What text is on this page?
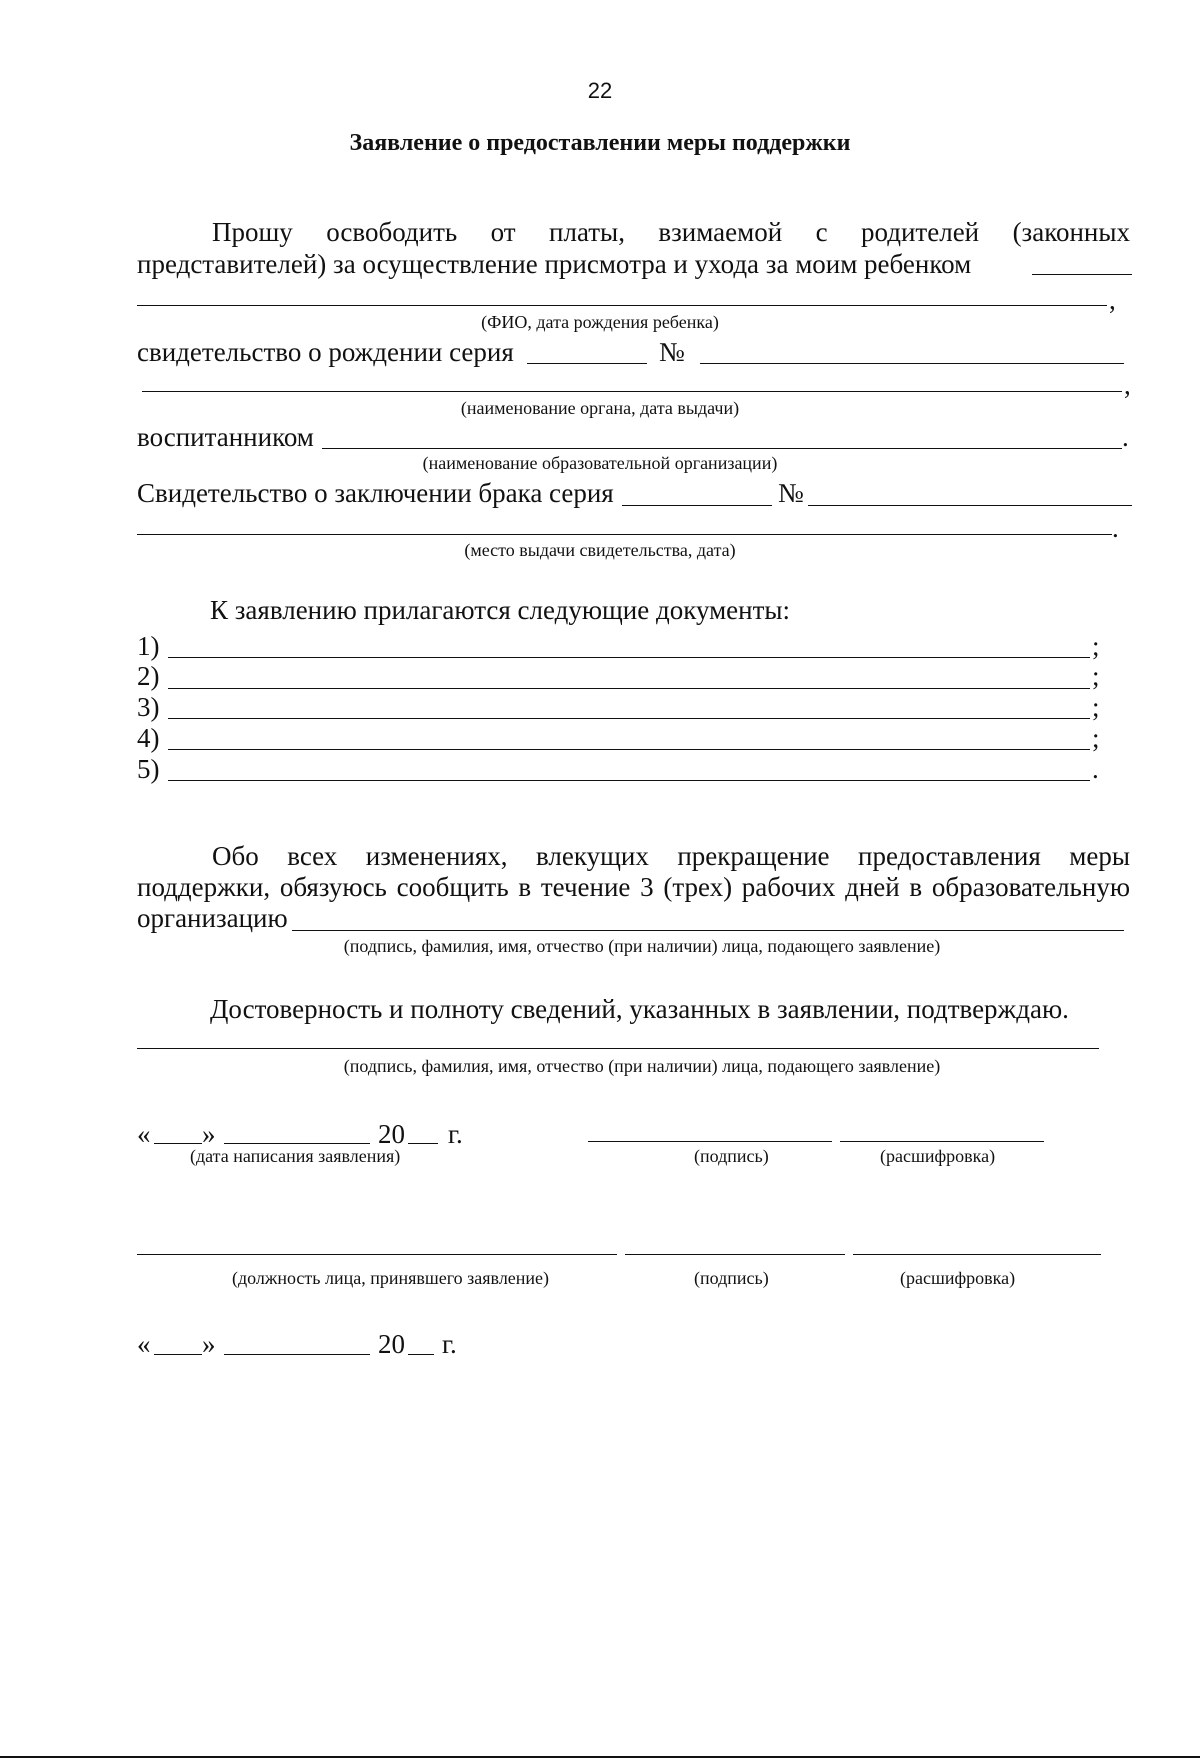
22
Заявление о предоставлении меры поддержки
Прошу освободить от платы, взимаемой с родителей (законных
представителей) за осуществление присмотра и ухода за моим ребенком
,
(ФИО, дата рождения ребенка)
свидетельство о рождении серия	№
,
(наименование органа, дата выдачи)
воспитанником	.
(наименование образовательной организации)
Свидетельство о заключении брака серия	№
.
(место выдачи свидетельства, дата)
К заявлению прилагаются следующие документы:
1)	;
2)	;
3)	;
4)	;
5)	.
Обо всех изменениях, влекущих прекращение предоставления меры
поддержки, обязуюсь сообщить в течение 3 (трех) рабочих дней в образовательную
организацию
(подпись, фамилия, имя, отчество (при наличии) лица, подающего заявление)
Достоверность и полноту сведений, указанных в заявлении, подтверждаю.
(подпись, фамилия, имя, отчество (при наличии) лица, подающего заявление)
« »	20 г.
(дата написания заявления)	(подпись)	(расшифровка)
(должность лица, принявшего заявление)	(подпись)	(расшифровка)
« »	20 г.
